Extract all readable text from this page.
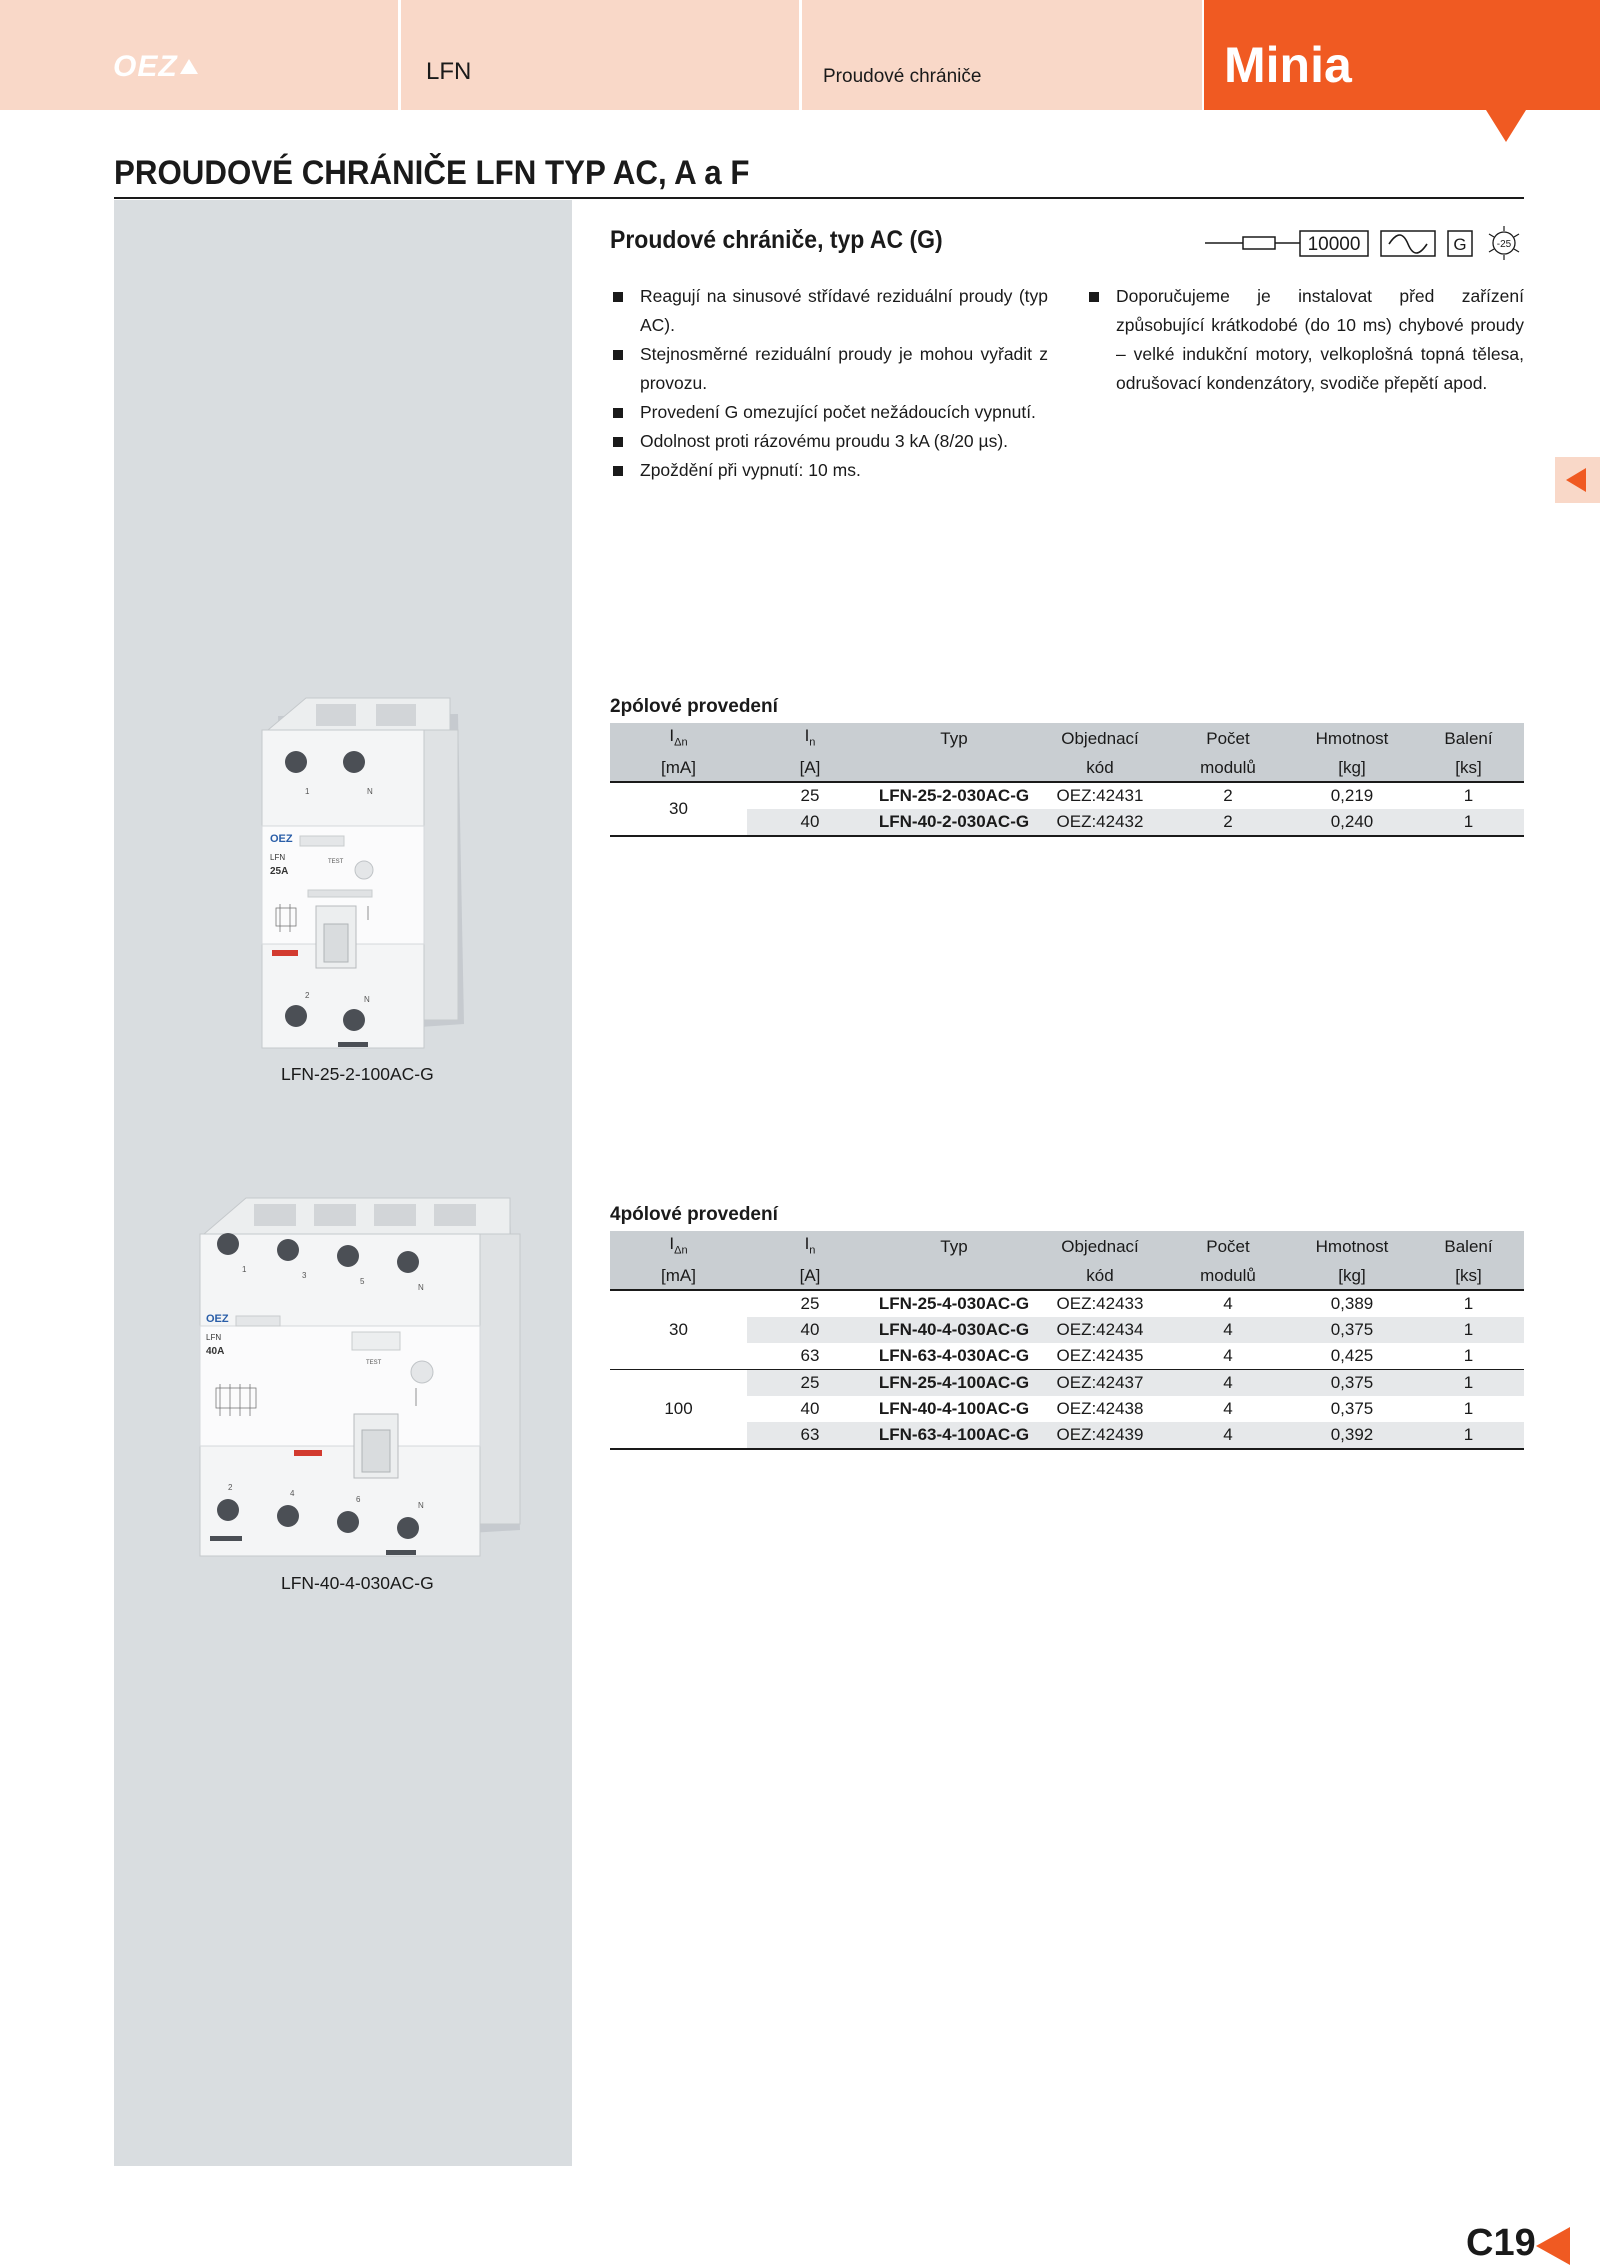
OEZ	LFN	Proudové chrániče	Minia
PROUDOVÉ CHRÁNIČE LFN TYP AC, A a F
Proudové chrániče, typ AC (G)	10000	G	-25
Reagují na sinusové střídavé reziduální proudy (typ AC).
Stejnosměrné reziduální proudy je mohou vyřadit z provozu.
Provedení G omezující počet nežádoucích vypnutí.
Odolnost proti rázovému proudu 3 kA (8/20 µs).
Zpoždění při vypnutí: 10 ms.
Doporučujeme je instalovat před zařízení způsobující krátkodobé (do 10 ms) chybové proudy – velké indukční motory, velkoplošná topná tělesa, odrušovací kondenzátory, svodiče přepětí apod.
2pólové provedení
$I_{\Delta n}$	$I_n$	Typ	Objednací	Počet	Hmotnost	Balení
[mA]	[A]		kód	modulů	[kg]	[ks]
30	25	LFN-25-2-030AC-G	OEZ:42431	2	0,219	1
	40	LFN-40-2-030AC-G	OEZ:42432	2	0,240	1
4pólové provedení
$I_{\Delta n}$	$I_n$	Typ	Objednací	Počet	Hmotnost	Balení
[mA]	[A]		kód	modulů	[kg]	[ks]
30	25	LFN-25-4-030AC-G	OEZ:42433	4	0,389	1
	40	LFN-40-4-030AC-G	OEZ:42434	4	0,375	1
	63	LFN-63-4-030AC-G	OEZ:42435	4	0,425	1
100	25	LFN-25-4-100AC-G	OEZ:42437	4	0,375	1
	40	LFN-40-4-100AC-G	OEZ:42438	4	0,375	1
	63	LFN-63-4-100AC-G	OEZ:42439	4	0,392	1
1	N
OEZ
LFN
25A
TEST
2	N
LFN-25-2-100AC-G
1
3
5
N
OEZ
LFN
40A
TEST
2
4
6
N
LFN-40-4-030AC-G
C19
